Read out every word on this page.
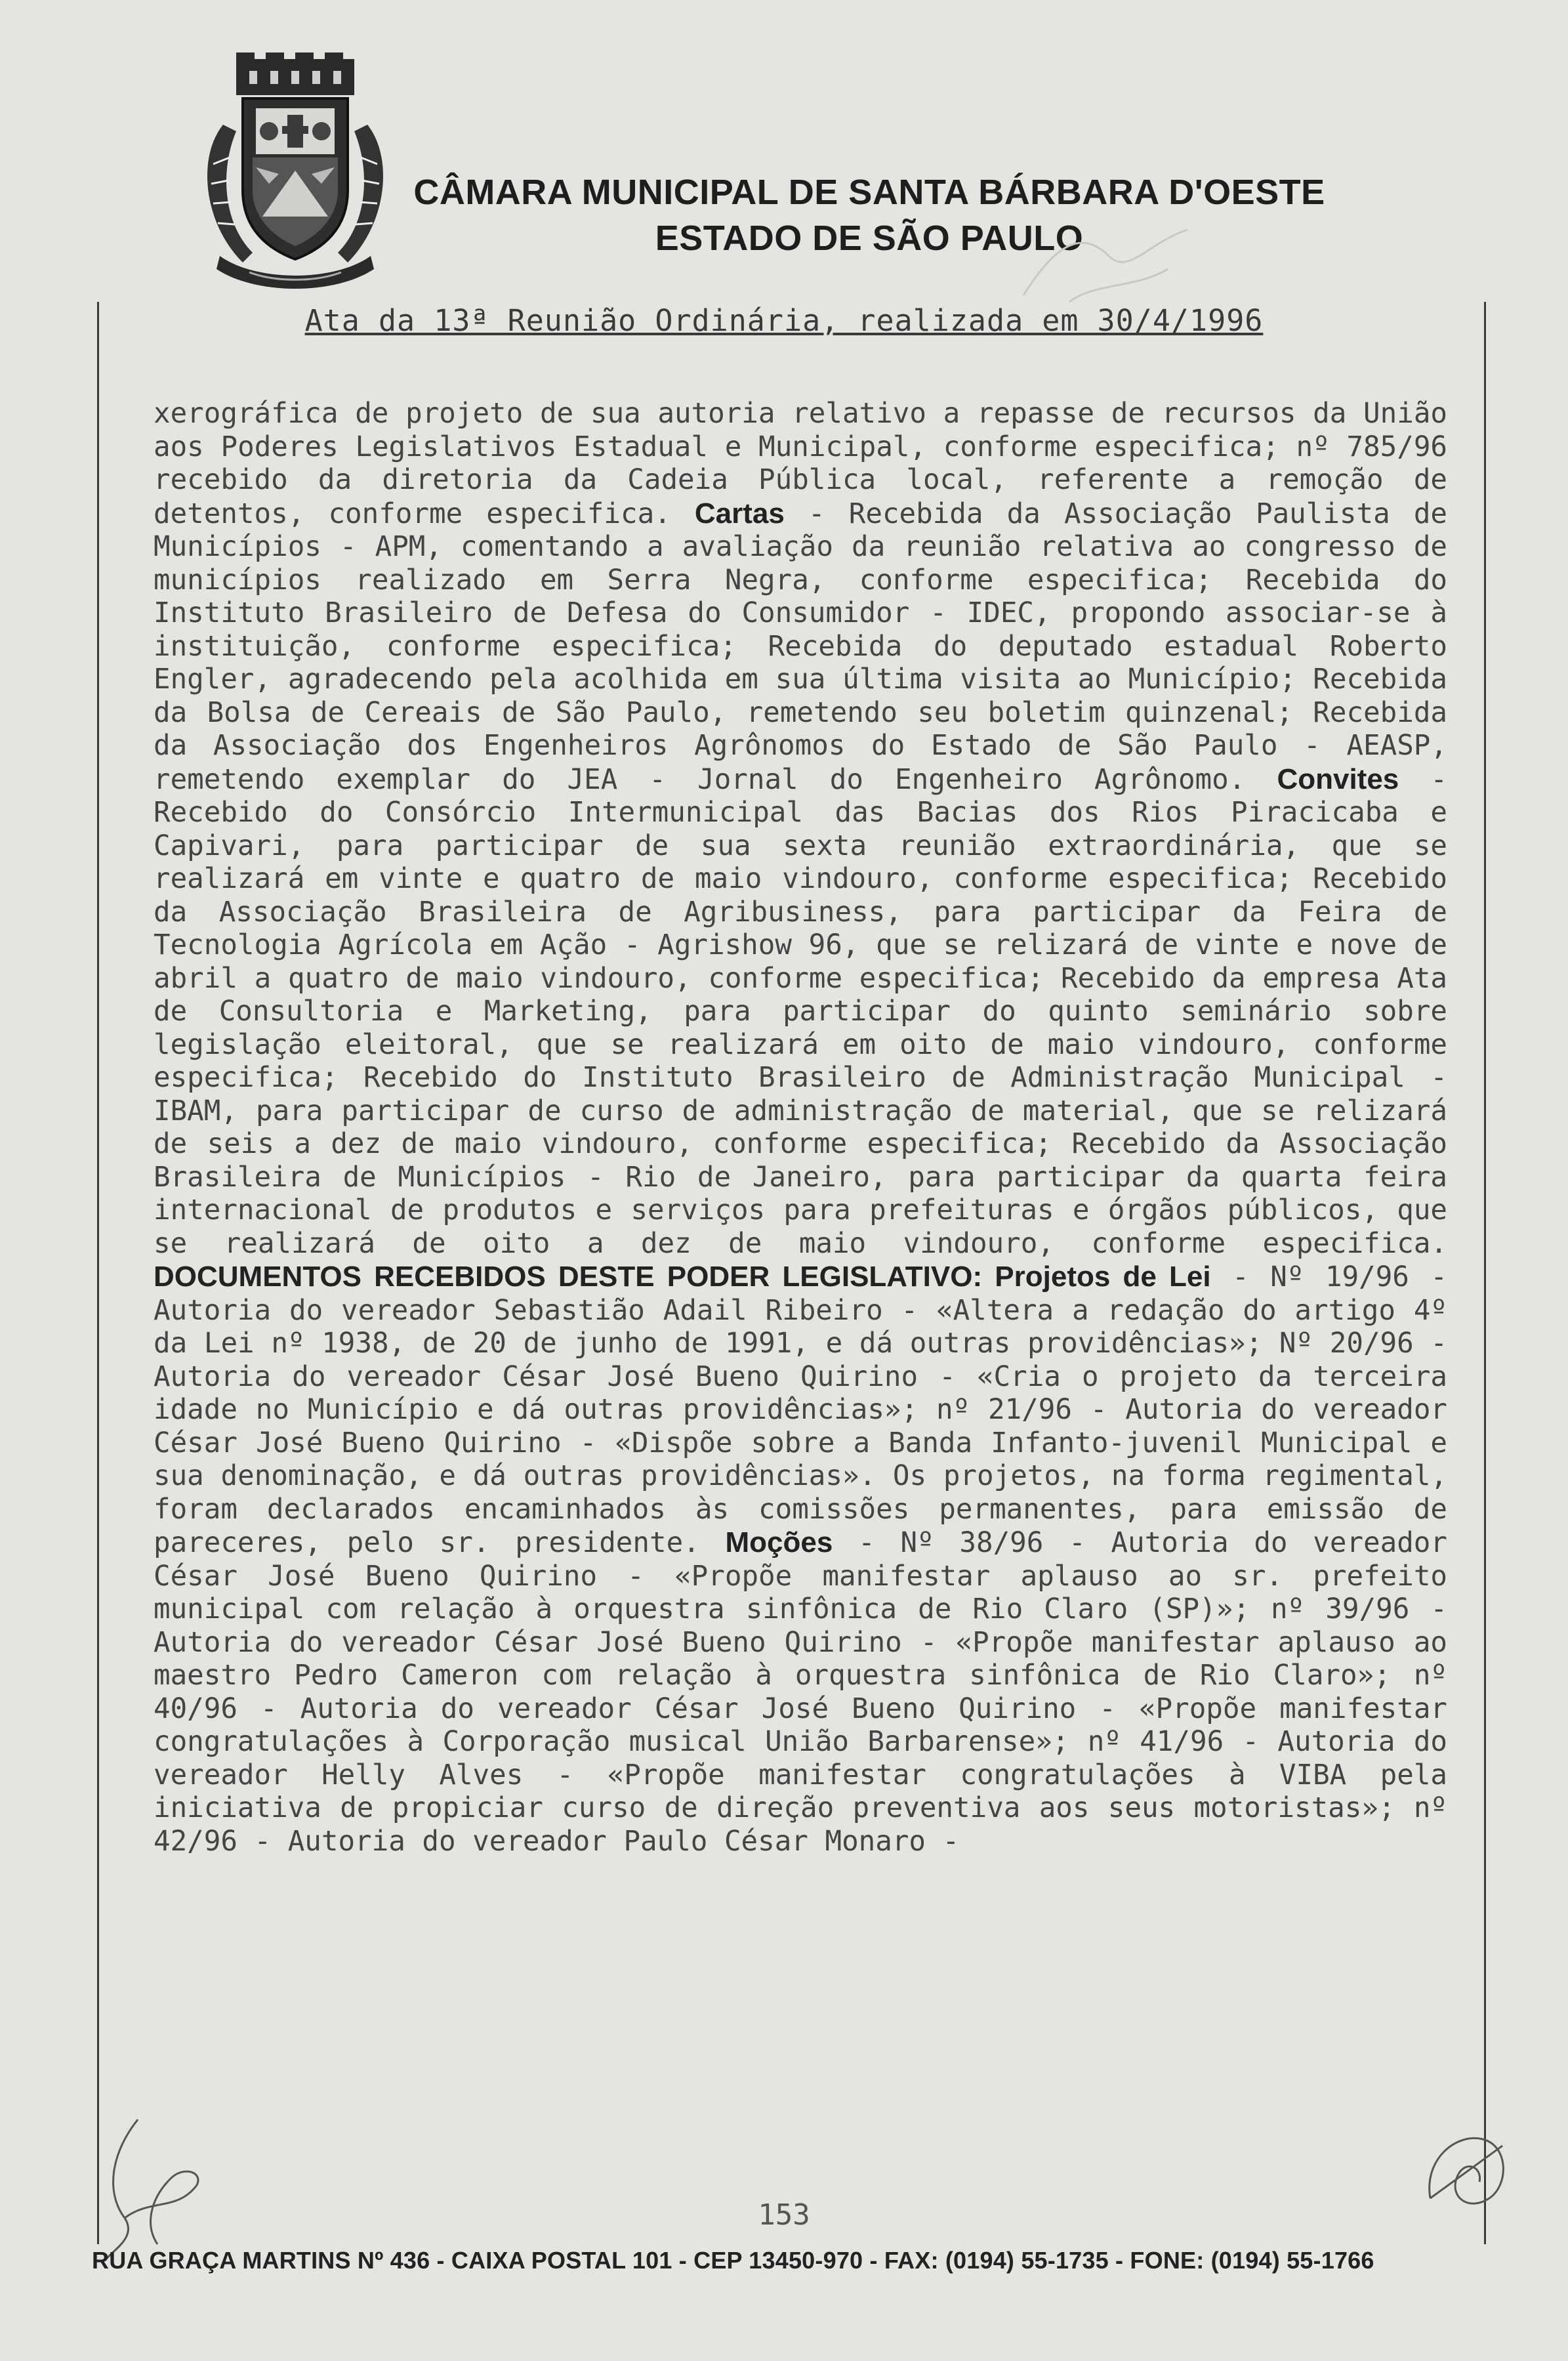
CÂMARA MUNICIPAL DE SANTA BÁRBARA D'OESTE
ESTADO DE SÃO PAULO
Ata da 13ª Reunião Ordinária, realizada em 30/4/1996

xerográfica de projeto de sua autoria relativo a repasse de recursos da União aos Poderes Legislativos Estadual e Municipal, conforme especifica; nº 785/96 recebido da diretoria da Cadeia Pública local, referente a remoção de detentos, conforme especifica. Cartas - Recebida da Associação Paulista de Municípios - APM, comentando a avaliação da reunião relativa ao congresso de municípios realizado em Serra Negra, conforme especifica; Recebida do Instituto Brasileiro de Defesa do Consumidor - IDEC, propondo associar-se à instituição, conforme especifica; Recebida do deputado estadual Roberto Engler, agradecendo pela acolhida em sua última visita ao Município; Recebida da Bolsa de Cereais de São Paulo, remetendo seu boletim quinzenal; Recebida da Associação dos Engenheiros Agrônomos do Estado de São Paulo - AEASP, remetendo exemplar do JEA - Jornal do Engenheiro Agrônomo. Convites - Recebido do Consórcio Intermunicipal das Bacias dos Rios Piracicaba e Capivari, para participar de sua sexta reunião extraordinária, que se realizará em vinte e quatro de maio vindouro, conforme especifica; Recebido da Associação Brasileira de Agribusiness, para participar da Feira de Tecnologia Agrícola em Ação - Agrishow 96, que se relizará de vinte e nove de abril a quatro de maio vindouro, conforme especifica; Recebido da empresa Ata de Consultoria e Marketing, para participar do quinto seminário sobre legislação eleitoral, que se realizará em oito de maio vindouro, conforme especifica; Recebido do Instituto Brasileiro de Administração Municipal - IBAM, para participar de curso de administração de material, que se relizará de seis a dez de maio vindouro, conforme especifica; Recebido da Associação Brasileira de Municípios - Rio de Janeiro, para participar da quarta feira internacional de produtos e serviços para prefeituras e órgãos públicos, que se realizará de oito a dez de maio vindouro, conforme especifica. DOCUMENTOS RECEBIDOS DESTE PODER LEGISLATIVO: Projetos de Lei - Nº 19/96 - Autoria do vereador Sebastião Adail Ribeiro - «Altera a redação do artigo 4º da Lei nº 1938, de 20 de junho de 1991, e dá outras providências»; Nº 20/96 - Autoria do vereador César José Bueno Quirino - «Cria o projeto da terceira idade no Município e dá outras providências»; nº 21/96 - Autoria do vereador César José Bueno Quirino - «Dispõe sobre a Banda Infanto-juvenil Municipal e sua denominação, e dá outras providências». Os projetos, na forma regimental, foram declarados encaminhados às comissões permanentes, para emissão de pareceres, pelo sr. presidente. Moções - Nº 38/96 - Autoria do vereador César José Bueno Quirino - «Propõe manifestar aplauso ao sr. prefeito municipal com relação à orquestra sinfônica de Rio Claro (SP)»; nº 39/96 - Autoria do vereador César José Bueno Quirino - «Propõe manifestar aplauso ao maestro Pedro Cameron com relação à orquestra sinfônica de Rio Claro»; nº 40/96 - Autoria do vereador César José Bueno Quirino - «Propõe manifestar congratulações à Corporação musical União Barbarense»; nº 41/96 - Autoria do vereador Helly Alves - «Propõe manifestar congratulações à VIBA pela iniciativa de propiciar curso de direção preventiva aos seus motoristas»; nº 42/96 - Autoria do vereador Paulo César Monaro -

153
RUA GRAÇA MARTINS Nº 436 - CAIXA POSTAL 101 - CEP 13450-970 - FAX: (0194) 55-1735 - FONE: (0194) 55-1766
